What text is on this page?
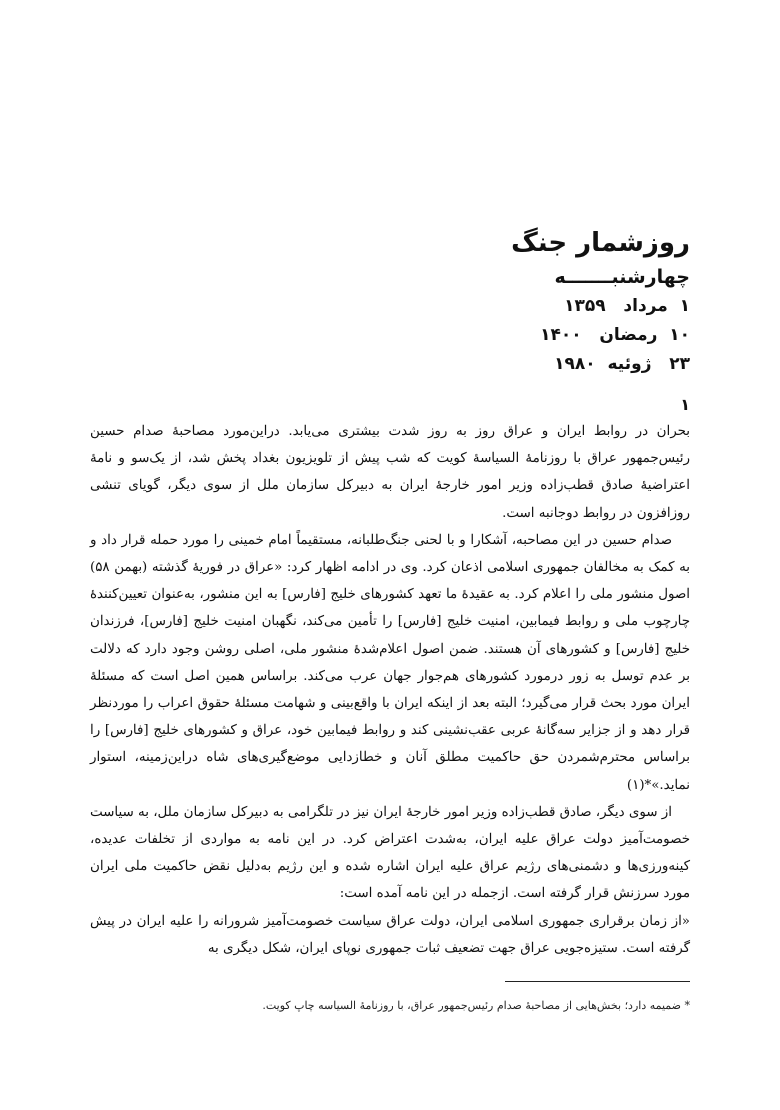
روزشمار جنگ
چهارشنبـــــــه
۱  مرداد   ۱۳۵۹
۱۰  رمضان   ۱۴۰۰
۲۳   ژوئیه  ۱۹۸۰
۱

بحران در روابط ایران و عراق روز به روز شدت بیشتری می‌یابد. دراین‌مورد مصاحبهٔ صدام حسین رئیس‌جمهور عراق با روزنامهٔ السیاسهٔ کویت که شب پیش از تلویزیون بغداد پخش شد، از یک‌سو و نامهٔ اعتراضیهٔ صادق قطب‌زاده وزیر امور خارجهٔ ایران به دبیرکل سازمان ملل از سوی دیگر، گویای تنشی روزافزون در روابط دوجانبه است.

صدام حسین در این مصاحبه، آشکارا و با لحنی جنگ‌طلبانه، مستقیماً امام خمینی را مورد حمله قرار داد و به کمک به مخالفان جمهوری اسلامی اذعان کرد. وی در ادامه اظهار کرد: «عراق در فوریهٔ گذشته (بهمن ۵۸) اصول منشور ملی را اعلام کرد. به عقیدهٔ ما تعهد کشورهای خلیج [فارس] به این منشور، به‌عنوان تعیین‌کنندهٔ چارچوب ملی و روابط فیمابین، امنیت خلیج [فارس] را تأمین می‌کند، نگهبان امنیت خلیج [فارس]، فرزندان خلیج [فارس] و کشورهای آن هستند. ضمن اصول اعلام‌شدهٔ منشور ملی، اصلی روشن وجود دارد که دلالت بر عدم توسل به زور درمورد کشورهای هم‌جوار جهان عرب می‌کند. براساس همین اصل است که مسئلهٔ ایران مورد بحث قرار می‌گیرد؛ البته بعد از اینکه ایران با واقع‌بینی و شهامت مسئلهٔ حقوق اعراب را موردنظر قرار دهد و از جزایر سه‌گانهٔ عربی عقب‌نشینی کند و روابط فیمابین خود، عراق و کشورهای خلیج [فارس] را براساس محترم‌شمردن حق حاکمیت مطلق آنان و خطازدایی موضع‌گیری‌های شاه دراین‌زمینه، استوار نماید.»*(۱)

از سوی دیگر، صادق قطب‌زاده وزیر امور خارجهٔ ایران نیز در تلگرامی به دبیرکل سازمان ملل، به سیاست خصومت‌آمیز دولت عراق علیه ایران، به‌شدت اعتراض کرد. در این نامه به مواردی از تخلفات عدیده، کینه‌ورزی‌ها و دشمنی‌های رژیم عراق علیه ایران اشاره شده و این رژیم به‌دلیل نقض حاکمیت ملی ایران مورد سرزنش قرار گرفته است. ازجمله در این نامه آمده است:

«از زمان برقراری جمهوری اسلامی ایران، دولت عراق سیاست خصومت‌آمیز شرورانه را علیه ایران در پیش گرفته است. ستیزه‌جویی عراق جهت تضعیف ثبات جمهوری نوپای ایران، شکل دیگری به

* ضمیمه دارد؛ بخش‌هایی از مصاحبهٔ صدام رئیس‌جمهور عراق، با روزنامهٔ السیاسه چاپ کویت.
